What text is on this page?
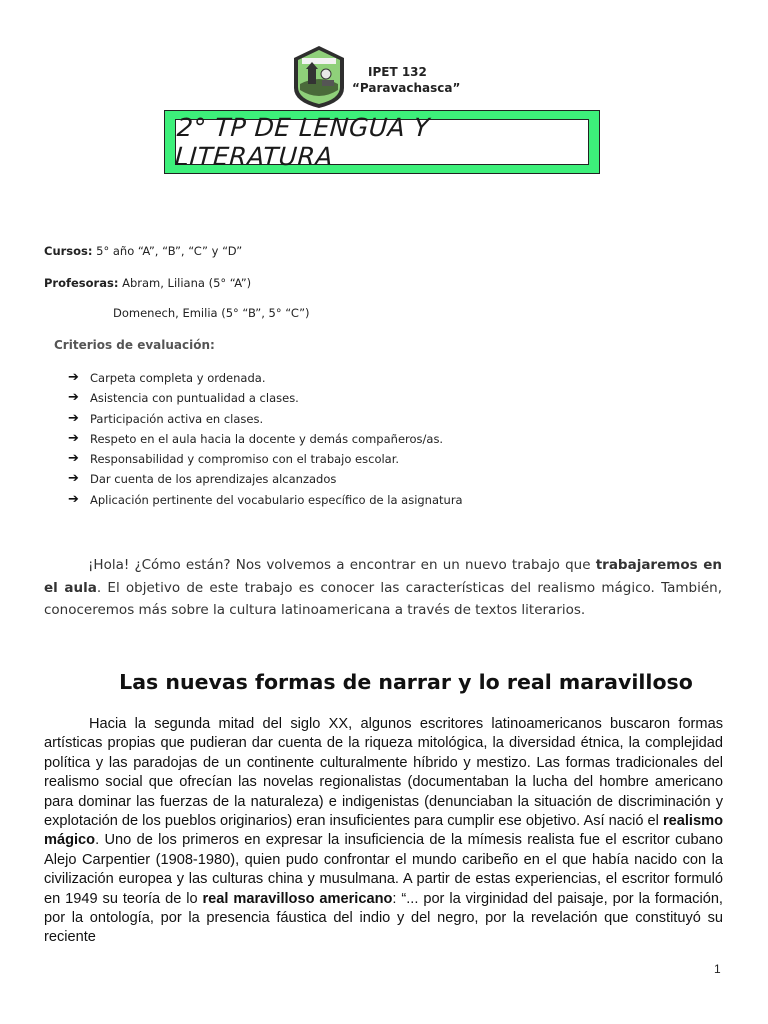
IPET 132
“Paravachasca”
2° TP DE LENGUA Y LITERATURA
Cursos: 5° año “A”, “B”, “C” y “D”
Profesoras: Abram, Liliana (5° “A”)
Domenech, Emilia (5° “B”, 5° “C”)
Criterios de evaluación:
➔ Carpeta completa y ordenada.
➔ Asistencia con puntualidad a clases.
➔ Participación activa en clases.
➔ Respeto en el aula hacia la docente y demás compañeros/as.
➔ Responsabilidad y compromiso con el trabajo escolar.
➔ Dar cuenta de los aprendizajes alcanzados
➔ Aplicación pertinente del vocabulario específico de la asignatura

¡Hola! ¿Cómo están? Nos volvemos a encontrar en un nuevo trabajo que trabajaremos en el aula. El objetivo de este trabajo es conocer las características del realismo mágico. También, conoceremos más sobre la cultura latinoamericana a través de textos literarios.

Las nuevas formas de narrar y lo real maravilloso

Hacia la segunda mitad del siglo XX, algunos escritores latinoamericanos buscaron formas artísticas propias que pudieran dar cuenta de la riqueza mitológica, la diversidad étnica, la complejidad política y las paradojas de un continente culturalmente híbrido y mestizo. Las formas tradicionales del realismo social que ofrecían las novelas regionalistas (documentaban la lucha del hombre americano para dominar las fuerzas de la naturaleza) e indigenistas (denunciaban la situación de discriminación y explotación de los pueblos originarios) eran insuficientes para cumplir ese objetivo. Así nació el realismo mágico. Uno de los primeros en expresar la insuficiencia de la mímesis realista fue el escritor cubano Alejo Carpentier (1908-1980), quien pudo confrontar el mundo caribeño en el que había nacido con la civilización europea y las culturas china y musulmana. A partir de estas experiencias, el escritor formuló en 1949 su teoría de lo real maravilloso americano: “... por la virginidad del paisaje, por la formación, por la ontología, por la presencia fáustica del indio y del negro, por la revelación que constituyó su reciente

1
